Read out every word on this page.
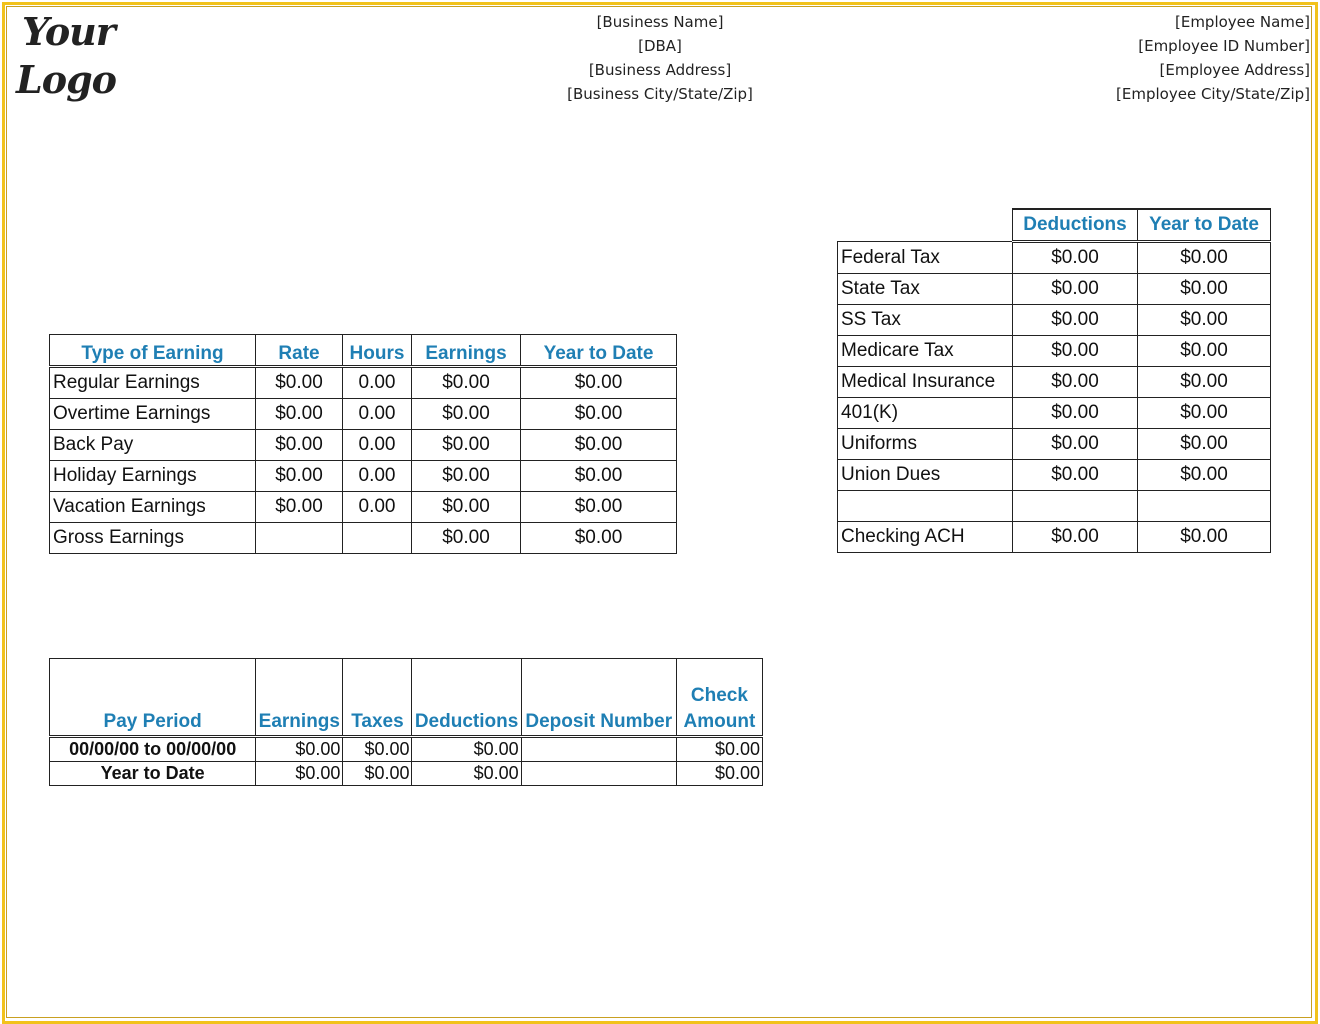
Your
Logo
[Business Name]
[DBA]
[Business Address]
[Business City/State/Zip]
[Employee Name]
[Employee ID Number]
[Employee Address]
[Employee City/State/Zip]
Type of Earning	Rate	Hours	Earnings	Year to Date
Regular Earnings	$0.00	0.00	$0.00	$0.00
Overtime Earnings	$0.00	0.00	$0.00	$0.00
Back Pay	$0.00	0.00	$0.00	$0.00
Holiday Earnings	$0.00	0.00	$0.00	$0.00
Vacation Earnings	$0.00	0.00	$0.00	$0.00
Gross Earnings			$0.00	$0.00
	Deductions	Year to Date
Federal Tax	$0.00	$0.00
State Tax	$0.00	$0.00
SS Tax	$0.00	$0.00
Medicare Tax	$0.00	$0.00
Medical Insurance	$0.00	$0.00
401(K)	$0.00	$0.00
Uniforms	$0.00	$0.00
Union Dues	$0.00	$0.00

Checking ACH	$0.00	$0.00
Pay Period	Earnings	Taxes	Deductions	Deposit Number	Check Amount
00/00/00 to 00/00/00	$0.00	$0.00	$0.00		$0.00
Year to Date	$0.00	$0.00	$0.00		$0.00
